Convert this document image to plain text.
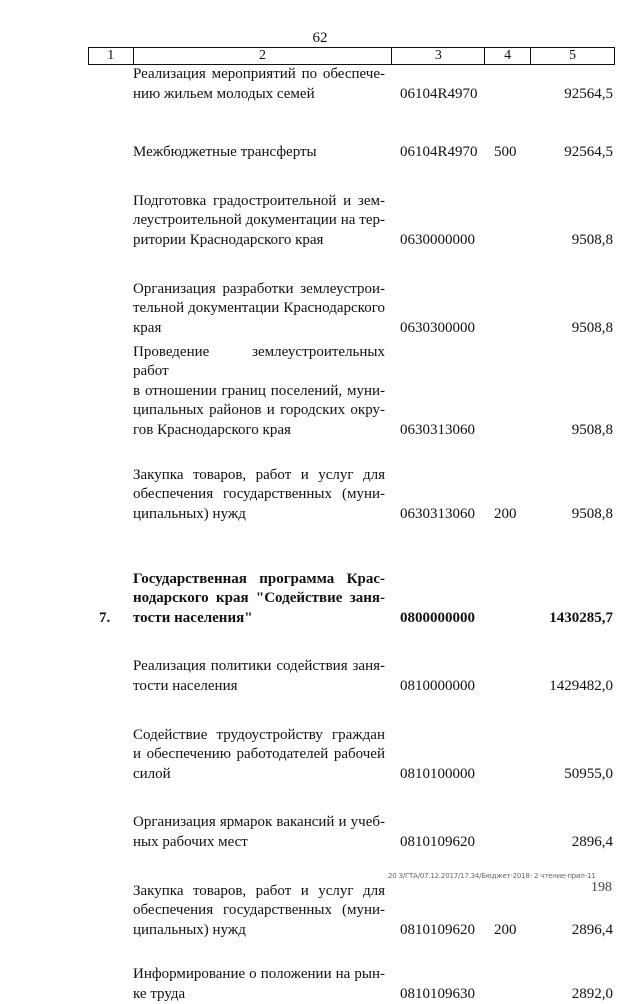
62
1	2	3	4	5
Реализация мероприятий по обеспече-
нию жильем молодых семей	06104R4970	92564,5
Межбюджетные трансферты	06104R4970 500	92564,5
Подготовка градостроительной и зем-
леустроительной документации на тер-
ритории Краснодарского края	0630000000	9508,8
Организация разработки землеустрои-
тельной документации Краснодарского
края	0630300000	9508,8
Проведение землеустроительных работ
в отношении границ поселений, муни-
ципальных районов и городских окру-
гов Краснодарского края	0630313060	9508,8
Закупка товаров, работ и услуг для
обеспечения государственных (муни-
ципальных) нужд	0630313060 200	9508,8
7.
Государственная программа Крас-
нодарского края "Содействие заня-
тости населения"	0800000000	1430285,7
Реализация политики содействия заня-
тости населения	0810000000	1429482,0
Содействие трудоустройству граждан
и обеспечению работодателей рабочей
силой	0810100000	50955,0
Организация ярмарок вакансий и учеб-
ных рабочих мест	0810109620	2896,4
Закупка товаров, работ и услуг для
обеспечения государственных (муни-
ципальных) нужд	0810109620 200	2896,4
Информирование о положении на рын-
ке труда	0810109630	2892,0
20 З/ГТА/07.12.2017/17.34/Бюджет-2018- 2 чтение-прил-11
198
